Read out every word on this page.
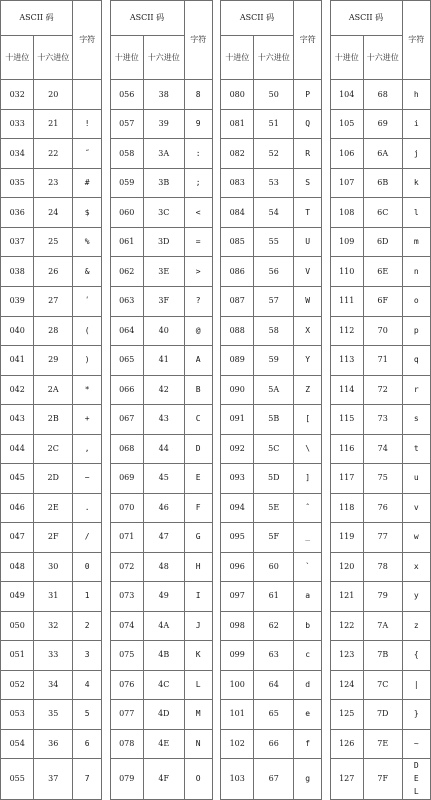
ASCII 码		字符		ASCII 码		字符		ASCII 码		字符		ASCII 码		字符
十进位	十六进位			十进位	十六进位			十进位	十六进位			十进位	十六进位	
032	20			056	38	8		080	50	P		104	68	h
033	21	!		057	39	9		081	51	Q		105	69	i
034	22	˝		058	3A	:		082	52	R		106	6A	j
035	23	#		059	3B	;		083	53	S		107	6B	k
036	24	$		060	3C	<		084	54	T		108	6C	l
037	25	%		061	3D	=		085	55	U		109	6D	m
038	26	&		062	3E	>		086	56	V		110	6E	n
039	27	ʹ		063	3F	?		087	57	W		111	6F	o
040	28	(		064	40	@		088	58	X		112	70	p
041	29	)		065	41	A		089	59	Y		113	71	q
042	2A	*		066	42	B		090	5A	Z		114	72	r
043	2B	+		067	43	C		091	5B	[		115	73	s
044	2C	,		068	44	D		092	5C	\		116	74	t
045	2D	−		069	45	E		093	5D	]		117	75	u
046	2E	.		070	46	F		094	5E	ˆ		118	76	v
047	2F	/		071	47	G		095	5F	_		119	77	w
048	30	0		072	48	H		096	60	`		120	78	x
049	31	1		073	49	I		097	61	a		121	79	y
050	32	2		074	4A	J		098	62	b		122	7A	z
051	33	3		075	4B	K		099	63	c		123	7B	{
052	34	4		076	4C	L		100	64	d		124	7C	|
053	35	5		077	4D	M		101	65	e		125	7D	}
054	36	6		078	4E	N		102	66	f		126	7E	~
055	37	7		079	4F	O		103	67	g		127	7F	DEL
